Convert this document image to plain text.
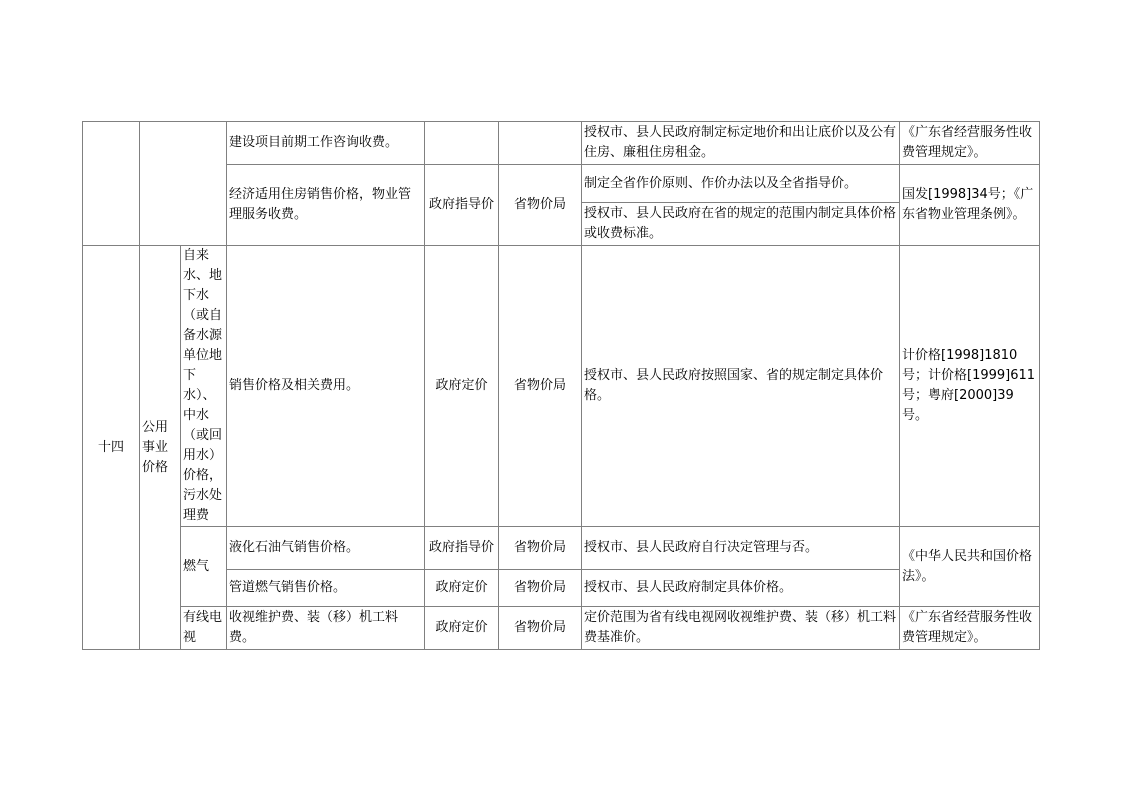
			建设项目前期工作咨询收费。			授权市、县人民政府制定标定地价和出让底价以及公有住房、廉租住房租金。	《广东省经营服务性收费管理规定》。
			经济适用住房销售价格，物业管理服务收费。	政府指导价	省物价局	制定全省作价原则、作价办法以及全省指导价。	国发[1998]34号；《广东省物业管理条例》。
						授权市、县人民政府在省的规定的范围内制定具体价格或收费标准。	
十四	公用事业价格	自来水、地下水（或自备水源单位地下水）、中水（或回用水）价格，污水处理费	销售价格及相关费用。	政府定价	省物价局	授权市、县人民政府按照国家、省的规定制定具体价格。	计价格[1998]1810号；计价格[1999]611号；粤府[2000]39号。
		燃气	液化石油气销售价格。	政府指导价	省物价局	授权市、县人民政府自行决定管理与否。	《中华人民共和国价格法》。
			管道燃气销售价格。	政府定价	省物价局	授权市、县人民政府制定具体价格。	
		有线电视	收视维护费、装（移）机工料费。	政府定价	省物价局	定价范围为省有线电视网收视维护费、装（移）机工料费基准价。	《广东省经营服务性收费管理规定》。
